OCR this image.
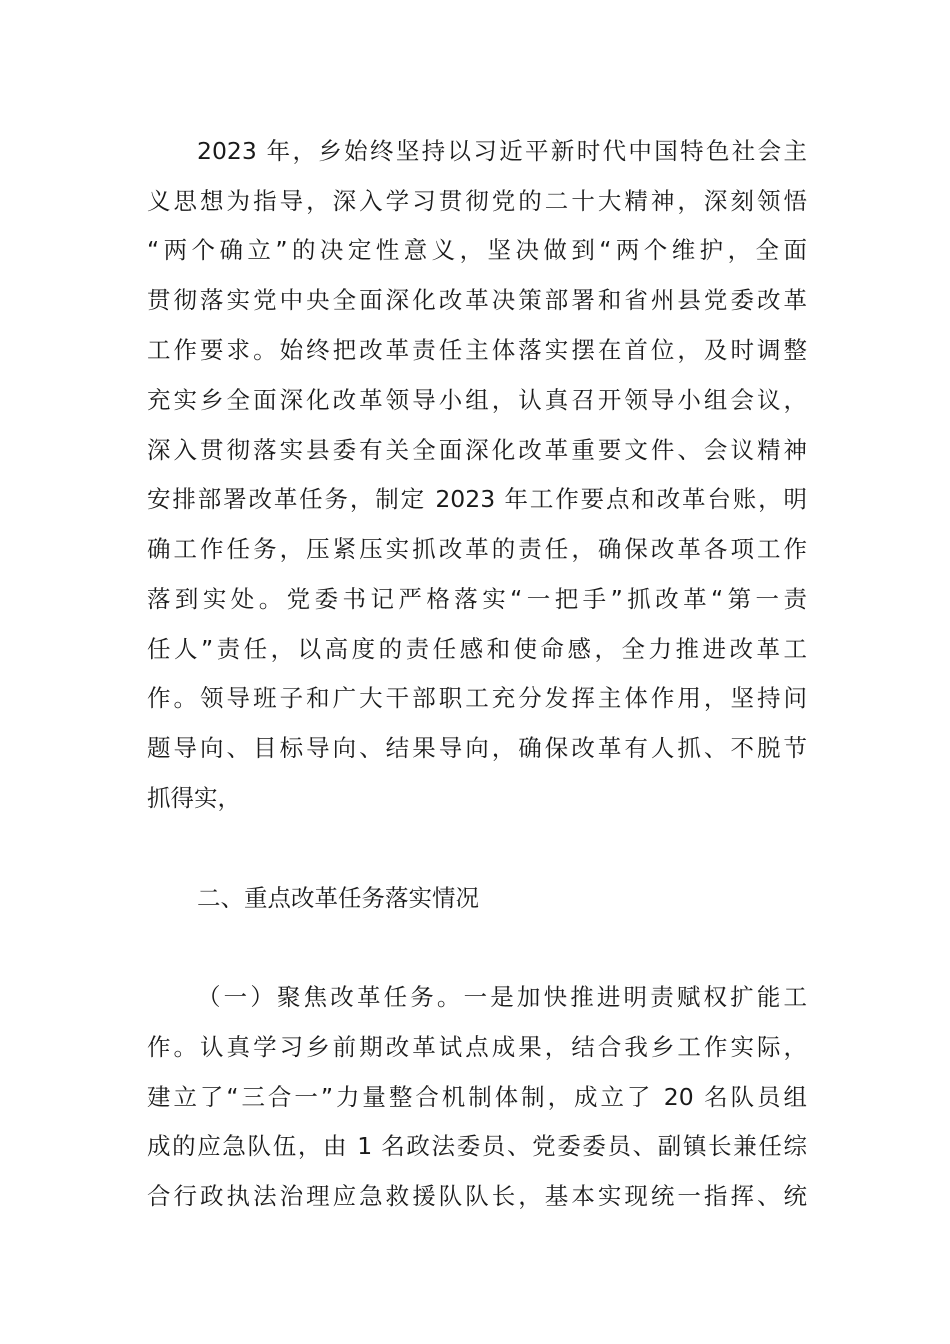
2023 年，乡始终坚持以习近平新时代中国特色社会主
义思想为指导，深入学习贯彻党的二十大精神，深刻领悟
“两个确立”的决定性意义，坚决做到“两个维护，全面
贯彻落实党中央全面深化改革决策部署和省州县党委改革
工作要求。始终把改革责任主体落实摆在首位，及时调整
充实乡全面深化改革领导小组，认真召开领导小组会议，
深入贯彻落实县委有关全面深化改革重要文件、会议精神
安排部署改革任务，制定 2023 年工作要点和改革台账，明
确工作任务，压紧压实抓改革的责任，确保改革各项工作
落到实处。党委书记严格落实“一把手”抓改革“第一责
任人”责任，以高度的责任感和使命感，全力推进改革工
作。领导班子和广大干部职工充分发挥主体作用，坚持问
题导向、目标导向、结果导向，确保改革有人抓、不脱节
抓得实，
二、重点改革任务落实情况
（一）聚焦改革任务。一是加快推进明责赋权扩能工
作。认真学习乡前期改革试点成果，结合我乡工作实际，
建立了“三合一”力量整合机制体制，成立了 20 名队员组
成的应急队伍，由 1 名政法委员、党委委员、副镇长兼任综
合行政执法治理应急救援队队长，基本实现统一指挥、统
